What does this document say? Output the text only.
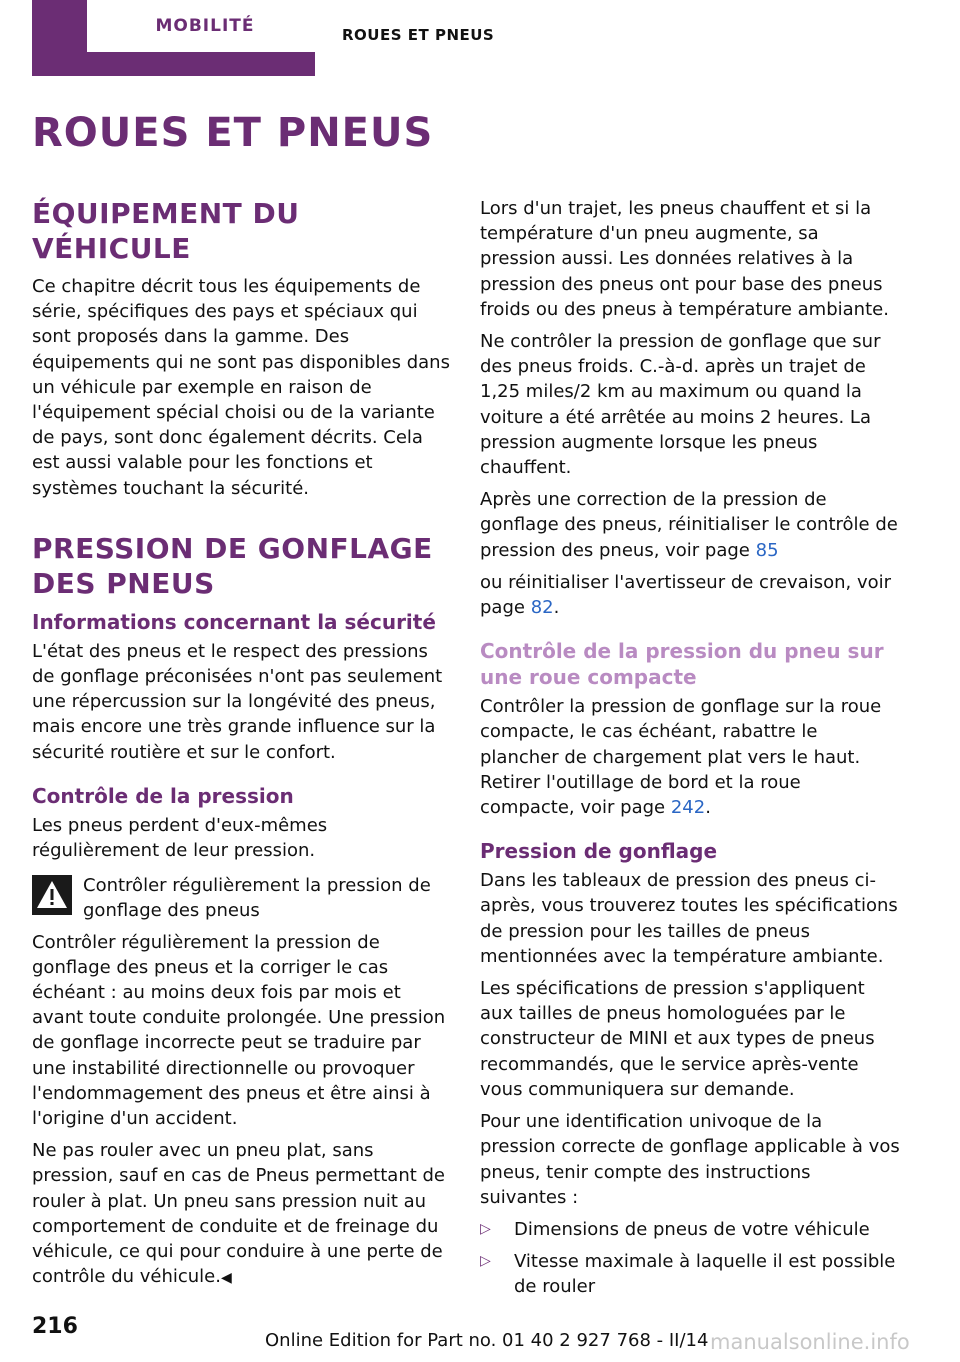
MOBILITÉ	ROUES ET PNEUS
ROUES ET PNEUS
ÉQUIPEMENT DU VÉHICULE

Ce chapitre décrit tous les équipements de série, spécifiques des pays et spéciaux qui sont proposés dans la gamme. Des équipements qui ne sont pas disponibles dans un véhicule par exemple en raison de l'équipement spécial choisi ou de la variante de pays, sont donc également décrits. Cela est aussi valable pour les fonctions et systèmes touchant la sécurité.

PRESSION DE GONFLAGE DES PNEUS
Informations concernant la sécurité

L'état des pneus et le respect des pressions de gonflage préconisées n'ont pas seulement une répercussion sur la longévité des pneus, mais encore une très grande influence sur la sécurité routière et sur le confort.

Contrôle de la pression

Les pneus perdent d'eux-mêmes régulièrement de leur pression.

Contrôler régulièrement la pression de gonflage des pneus

Contrôler régulièrement la pression de gonflage des pneus et la corriger le cas échéant : au moins deux fois par mois et avant toute conduite prolongée. Une pression de gonflage incorrecte peut se traduire par une instabilité directionnelle ou provoquer l'endommagement des pneus et être ainsi à l'origine d'un accident.

Ne pas rouler avec un pneu plat, sans pression, sauf en cas de Pneus permettant de rouler à plat. Un pneu sans pression nuit au comportement de conduite et de freinage du véhicule, ce qui pour conduire à une perte de contrôle du véhicule.◀

Lors d'un trajet, les pneus chauffent et si la température d'un pneu augmente, sa pression aussi. Les données relatives à la pression des pneus ont pour base des pneus froids ou des pneus à température ambiante.

Ne contrôler la pression de gonflage que sur des pneus froids. C.-à-d. après un trajet de 1,25 miles/2 km au maximum ou quand la voiture a été arrêtée au moins 2 heures. La pression augmente lorsque les pneus chauffent.

Après une correction de la pression de gonflage des pneus, réinitialiser le contrôle de pression des pneus, voir page 85

ou réinitialiser l'avertisseur de crevaison, voir page 82.

Contrôle de la pression du pneu sur une roue compacte

Contrôler la pression de gonflage sur la roue compacte, le cas échéant, rabattre le plancher de chargement plat vers le haut. Retirer l'outillage de bord et la roue compacte, voir page 242.

Pression de gonflage

Dans les tableaux de pression des pneus ci-après, vous trouverez toutes les spécifications de pression pour les tailles de pneus mentionnées avec la température ambiante.

Les spécifications de pression s'appliquent aux tailles de pneus homologuées par le constructeur de MINI et aux types de pneus recommandés, que le service après-vente vous communiquera sur demande.

Pour une identification univoque de la pression correcte de gonflage applicable à vos pneus, tenir compte des instructions suivantes :

▷	Dimensions de pneus de votre véhicule
▷	Vitesse maximale à laquelle il est possible de rouler
216
Online Edition for Part no. 01 40 2 927 768 - II/14 manualsonline.info
